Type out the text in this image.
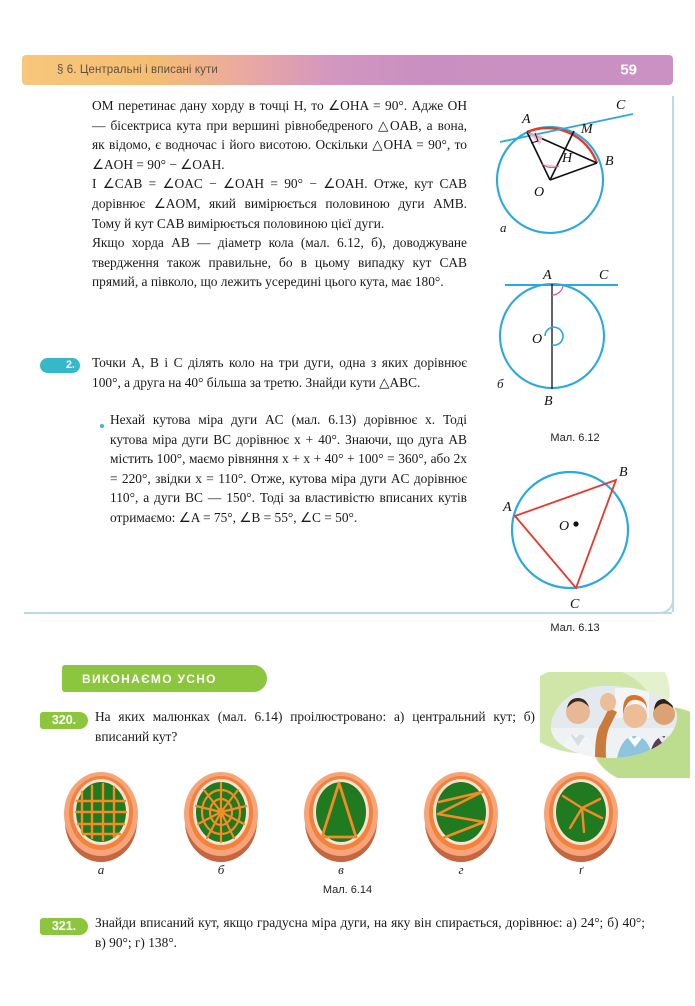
§ 6. Центральні і вписані кути	59

OM перетинає дану хорду в точці H, то ∠OHA = 90°. Адже OH — бісектриса кута при вершині рівнобедреного △OAB, а вона, як відомо, є водночас і його висотою. Оскільки △OHA = 90°, то ∠AOH = 90° − ∠OAH.

І ∠CAB = ∠OAC − ∠OAH = 90° − ∠OAH. Отже, кут CAB дорівнює ∠AOM, який вимірюється половиною дуги AMB. Тому й кут CAB вимірюється половиною цієї дуги.

Якщо хорда AB — діаметр кола (мал. 6.12, б), доводжуване твердження також правильне, бо в цьому випадку кут CAB прямий, а півколо, що лежить усередині цього кута, має 180°.

2.	Точки A, B і C ділять коло на три дуги, одна з яких дорівнює 100°, а друга на 40° більша за третю. Знайди кути △ABC.
Нехай кутова міра дуги AC (мал. 6.13) дорівнює x. Тоді кутова міра дуги BC дорівнює x + 40°. Знаючи, що дуга AB містить 100°, маємо рівняння x + x + 40° + 100° = 360°, або 2x = 220°, звідки x = 110°. Отже, кутова міра дуги AC дорівнює 110°, а дуги BC — 150°. Тоді за властивістю вписаних кутів отримаємо: ∠A = 75°, ∠B = 55°, ∠C = 50°.
A
M
B
H
O
C
а
A	C
O
B
б
Мал. 6.12
A
B
O
C
Мал. 6.13
ВИКОНАЄМО УСНО
320.	На яких малюнках (мал. 6.14) проілюстровано: а) центральний кут; б) вписаний кут?
а	б	в	г	ґ
Мал. 6.14
321.	Знайди вписаний кут, якщо градусна міра дуги, на яку він спирається, дорівнює: а) 24°; б) 40°; в) 90°; г) 138°.
